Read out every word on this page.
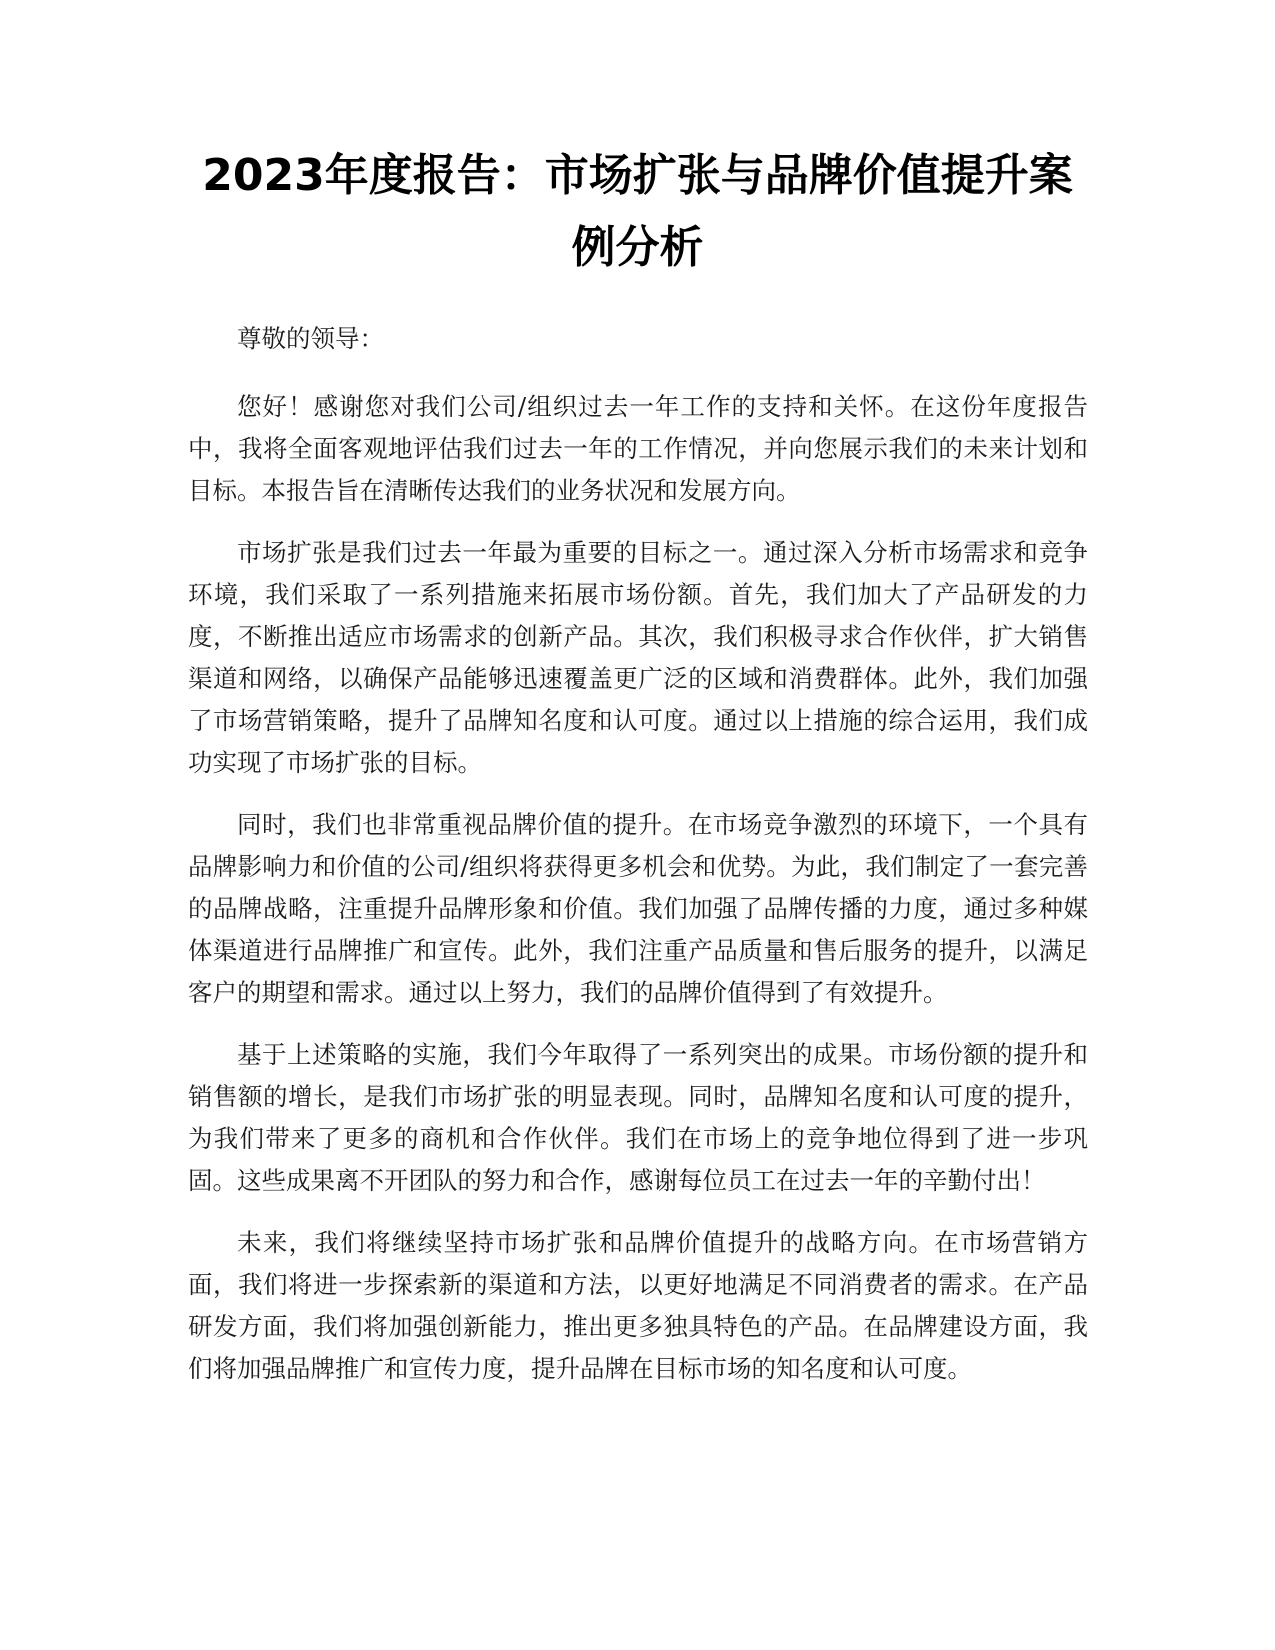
2023年度报告：市场扩张与品牌价值提升案
例分析

尊敬的领导：

您好！感谢您对我们公司/组织过去一年工作的支持和关怀。在这份年度报告中，我将全面客观地评估我们过去一年的工作情况，并向您展示我们的未来计划和目标。本报告旨在清晰传达我们的业务状况和发展方向。

市场扩张是我们过去一年最为重要的目标之一。通过深入分析市场需求和竞争环境，我们采取了一系列措施来拓展市场份额。首先，我们加大了产品研发的力度，不断推出适应市场需求的创新产品。其次，我们积极寻求合作伙伴，扩大销售渠道和网络，以确保产品能够迅速覆盖更广泛的区域和消费群体。此外，我们加强了市场营销策略，提升了品牌知名度和认可度。通过以上措施的综合运用，我们成功实现了市场扩张的目标。

同时，我们也非常重视品牌价值的提升。在市场竞争激烈的环境下，一个具有品牌影响力和价值的公司/组织将获得更多机会和优势。为此，我们制定了一套完善的品牌战略，注重提升品牌形象和价值。我们加强了品牌传播的力度，通过多种媒体渠道进行品牌推广和宣传。此外，我们注重产品质量和售后服务的提升，以满足客户的期望和需求。通过以上努力，我们的品牌价值得到了有效提升。

基于上述策略的实施，我们今年取得了一系列突出的成果。市场份额的提升和销售额的增长，是我们市场扩张的明显表现。同时，品牌知名度和认可度的提升，为我们带来了更多的商机和合作伙伴。我们在市场上的竞争地位得到了进一步巩固。这些成果离不开团队的努力和合作，感谢每位员工在过去一年的辛勤付出！

未来，我们将继续坚持市场扩张和品牌价值提升的战略方向。在市场营销方面，我们将进一步探索新的渠道和方法，以更好地满足不同消费者的需求。在产品研发方面，我们将加强创新能力，推出更多独具特色的产品。在品牌建设方面，我们将加强品牌推广和宣传力度，提升品牌在目标市场的知名度和认可度。
